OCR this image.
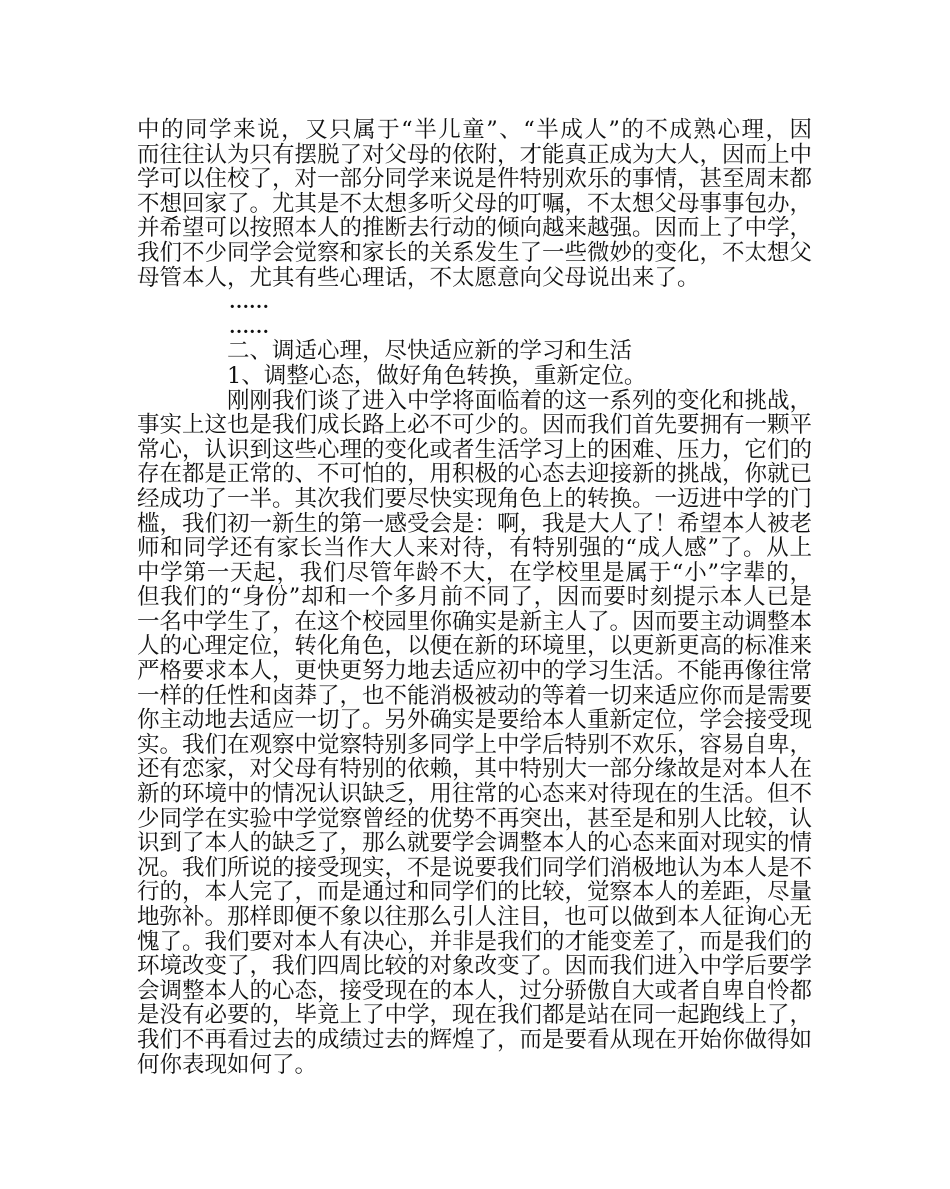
中的同学来说，又只属于“半儿童”、“半成人”的不成熟心理，因
而往往认为只有摆脱了对父母的依附，才能真正成为大人，因而上中
学可以住校了，对一部分同学来说是件特别欢乐的事情，甚至周末都
不想回家了。尤其是不太想多听父母的叮嘱，不太想父母事事包办，
并希望可以按照本人的推断去行动的倾向越来越强。因而上了中学，
我们不少同学会觉察和家长的关系发生了一些微妙的变化，不太想父
母管本人，尤其有些心理话，不太愿意向父母说出来了。
……
……
二、调适心理，尽快适应新的学习和生活
1、调整心态，做好角色转换，重新定位。
刚刚我们谈了进入中学将面临着的这一系列的变化和挑战，
事实上这也是我们成长路上必不可少的。因而我们首先要拥有一颗平
常心，认识到这些心理的变化或者生活学习上的困难、压力，它们的
存在都是正常的、不可怕的，用积极的心态去迎接新的挑战，你就已
经成功了一半。其次我们要尽快实现角色上的转换。一迈进中学的门
槛，我们初一新生的第一感受会是：啊，我是大人了！希望本人被老
师和同学还有家长当作大人来对待，有特别强的“成人感”了。从上
中学第一天起，我们尽管年龄不大，在学校里是属于“小”字辈的，
但我们的“身份”却和一个多月前不同了，因而要时刻提示本人已是
一名中学生了，在这个校园里你确实是新主人了。因而要主动调整本
人的心理定位，转化角色，以便在新的环境里，以更新更高的标准来
严格要求本人，更快更努力地去适应初中的学习生活。不能再像往常
一样的任性和卤莽了，也不能消极被动的等着一切来适应你而是需要
你主动地去适应一切了。另外确实是要给本人重新定位，学会接受现
实。我们在观察中觉察特别多同学上中学后特别不欢乐，容易自卑，
还有恋家，对父母有特别的依赖，其中特别大一部分缘故是对本人在
新的环境中的情况认识缺乏，用往常的心态来对待现在的生活。但不
少同学在实验中学觉察曾经的优势不再突出，甚至是和别人比较，认
识到了本人的缺乏了，那么就要学会调整本人的心态来面对现实的情
况。我们所说的接受现实，不是说要我们同学们消极地认为本人是不
行的，本人完了，而是通过和同学们的比较，觉察本人的差距，尽量
地弥补。那样即便不象以往那么引人注目，也可以做到本人征询心无
愧了。我们要对本人有决心，并非是我们的才能变差了，而是我们的
环境改变了，我们四周比较的对象改变了。因而我们进入中学后要学
会调整本人的心态，接受现在的本人，过分骄傲自大或者自卑自怜都
是没有必要的，毕竟上了中学，现在我们都是站在同一起跑线上了，
我们不再看过去的成绩过去的辉煌了，而是要看从现在开始你做得如
何你表现如何了。
